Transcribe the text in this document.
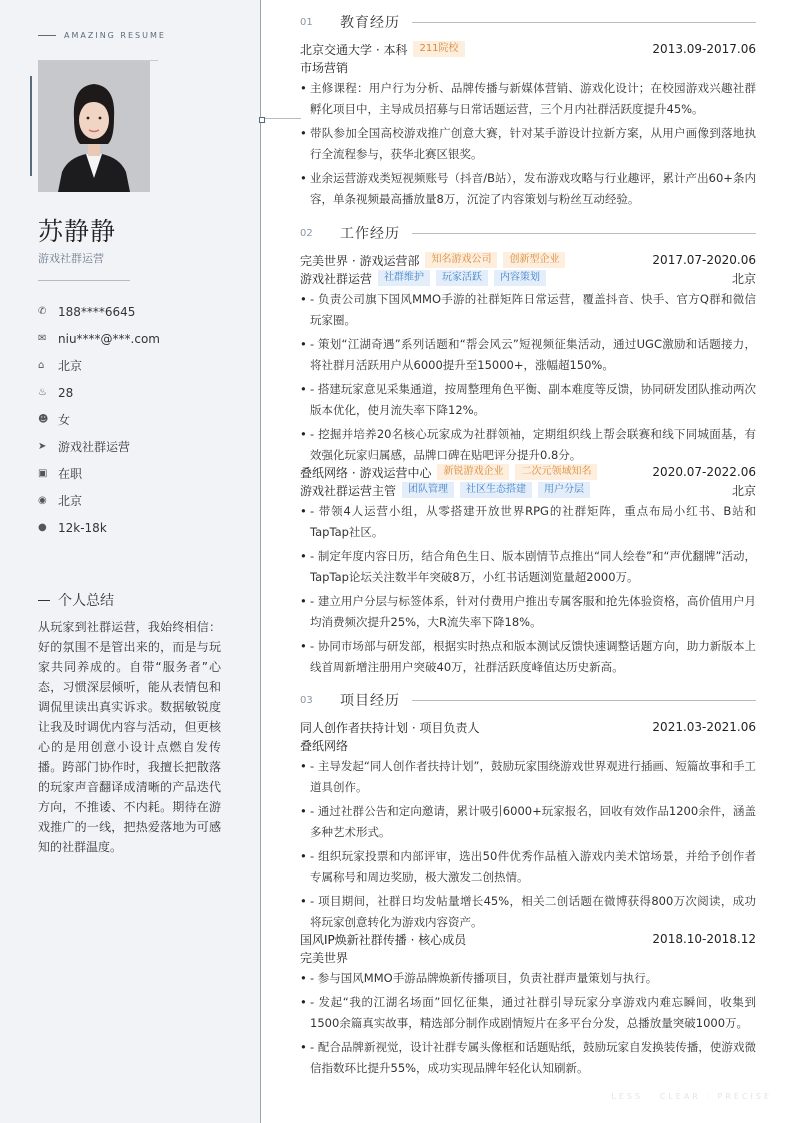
AMAZING RESUME
苏静静
游戏社群运营
✆ 188****6645
✉ niu****@***.com
⌂	北京
♨ 28
☻ 女
➤ 游戏社群运营
▣ 在职
◉ 北京
● 12k-18k
个人总结
从玩家到社群运营，我始终相信：好的氛围不是管出来的，而是与玩家共同养成的。自带“服务者”心态，习惯深层倾听，能从表情包和调侃里读出真实诉求。数据敏锐度让我及时调优内容与活动，但更核心的是用创意小设计点燃自发传播。跨部门协作时，我擅长把散落的玩家声音翻译成清晰的产品迭代方向，不推诿、不内耗。期待在游戏推广的一线，把热爱落地为可感知的社群温度。
01	教育经历
北京交通大学 · 本科	211院校	2013.09-2017.06
市场营销
• 主修课程：用户行为分析、品牌传播与新媒体营销、游戏化设计；在校园游戏兴趣社群孵化项目中，主导成员招募与日常话题运营，三个月内社群活跃度提升45%。
• 带队参加全国高校游戏推广创意大赛，针对某手游设计拉新方案，从用户画像到落地执行全流程参与，获华北赛区银奖。
• 业余运营游戏类短视频账号（抖音/B站），发布游戏攻略与行业趣评，累计产出60+条内容，单条视频最高播放量8万，沉淀了内容策划与粉丝互动经验。
02	工作经历
完美世界 · 游戏运营部	知名游戏公司	创新型企业	2017.07-2020.06
游戏社群运营	社群维护	玩家活跃	内容策划	北京
• - 负责公司旗下国风MMO手游的社群矩阵日常运营，覆盖抖音、快手、官方Q群和微信玩家圈。
• - 策划“江湖奇遇”系列话题和“帮会风云”短视频征集活动，通过UGC激励和话题接力，将社群月活跃用户从6000提升至15000+，涨幅超150%。
• - 搭建玩家意见采集通道，按周整理角色平衡、副本难度等反馈，协同研发团队推动两次版本优化，使月流失率下降12%。
• - 挖掘并培养20名核心玩家成为社群领袖，定期组织线上帮会联赛和线下同城面基，有效强化玩家归属感，品牌口碑在贴吧评分提升0.8分。
叠纸网络 · 游戏运营中心	新锐游戏企业	二次元领域知名	2020.07-2022.06
游戏社群运营主管	团队管理	社区生态搭建	用户分层	北京
• - 带领4人运营小组，从零搭建开放世界RPG的社群矩阵，重点布局小红书、B站和TapTap社区。
• - 制定年度内容日历，结合角色生日、版本剧情节点推出“同人绘卷”和“声优翻牌”活动，TapTap论坛关注数半年突破8万，小红书话题浏览量超2000万。
• - 建立用户分层与标签体系，针对付费用户推出专属客服和抢先体验资格，高价值用户月均消费频次提升25%，大R流失率下降18%。
• - 协同市场部与研发部，根据实时热点和版本测试反馈快速调整话题方向，助力新版本上线首周新增注册用户突破40万，社群活跃度峰值达历史新高。
03	项目经历
同人创作者扶持计划 · 项目负责人	2021.03-2021.06
叠纸网络
• - 主导发起“同人创作者扶持计划”，鼓励玩家围绕游戏世界观进行插画、短篇故事和手工道具创作。
• - 通过社群公告和定向邀请，累计吸引6000+玩家报名，回收有效作品1200余件，涵盖多种艺术形式。
• - 组织玩家投票和内部评审，选出50件优秀作品植入游戏内美术馆场景，并给予创作者专属称号和周边奖励，极大激发二创热情。
• - 项目期间，社群日均发帖量增长45%，相关二创话题在微博获得800万次阅读，成功将玩家创意转化为游戏内容资产。
国风IP焕新社群传播 · 核心成员	2018.10-2018.12
完美世界
• - 参与国风MMO手游品牌焕新传播项目，负责社群声量策划与执行。
• - 发起“我的江湖名场面”回忆征集，通过社群引导玩家分享游戏内难忘瞬间，收集到1500余篇真实故事，精选部分制作成剧情短片在多平台分发，总播放量突破1000万。
• - 配合品牌新视觉，设计社群专属头像框和话题贴纸，鼓励玩家自发换装传播，使游戏微信指数环比提升55%，成功实现品牌年轻化认知刷新。
LESS · CLEAR · PRECISE
